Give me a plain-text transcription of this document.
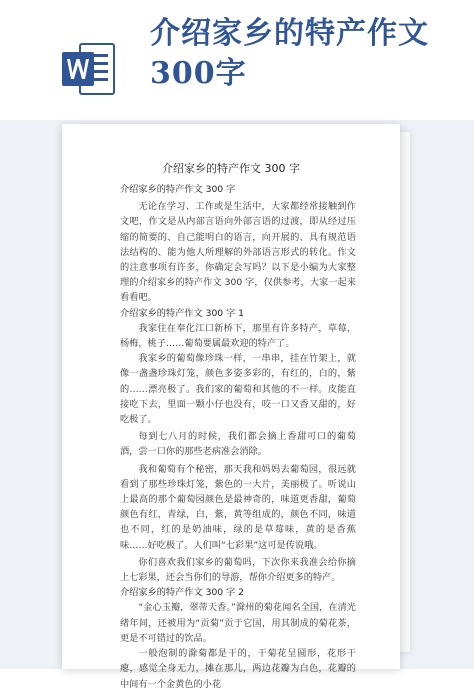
介绍家乡的特产作文300字
介绍家乡的特产作文 300 字

介绍家乡的特产作文 300 字

无论在学习、工作或是生活中，大家都经常接触到作文吧，作文是从内部言语向外部言语的过渡，即从经过压缩的简要的、自己能明白的语言，向开展的、具有规范语法结构的、能为他人所理解的外部语言形式的转化。作文的注意事项有许多，你确定会写吗？以下是小编为大家整理的介绍家乡的特产作文 300 字，仅供参考，大家一起来看看吧。

介绍家乡的特产作文 300 字 1

我家住在奉化江口新桥下，那里有许多特产，草莓，杨梅，桃子……葡萄要属最欢迎的特产了。

我家乡的葡萄像珍珠一样，一串串，挂在竹架上，就像一盏盏珍珠灯笼，颜色多姿多彩的，有红的，白的，紫的……漂亮极了。我们家的葡萄和其他的不一样。皮能直接吃下去，里面一颗小仔也没有，咬一口又香又甜的，好吃极了。

每到七八月的时候，我们都会摘上香甜可口的葡萄酒，尝一口你的那些老病准会消除。

我和葡萄有个秘密，那天我和妈妈去葡萄园，很远就看到了那些珍珠灯笼，紫色的一大片，美丽极了。听说山上最高的那个葡萄园颜色是最神奇的，味道更香甜，葡萄颜色有红，青绿，白，紫，黄等组成的，颜色不同，味道也不同，红的是奶油味，绿的是草莓味，黄的是香蕉味……好吃极了。人们叫“七彩果”这可是传说哦。

你们喜欢我们家乡的葡萄吗，下次你来我准会给你摘上七彩果，还会当你们的导游，帮你介绍更多的特产。

介绍家乡的特产作文 300 字 2

“金心玉瓣，翠蒂天香。”滁州的菊花闻名全国，在清光绪年间，还被用为“贡菊”贡于它国，用其制成的菊花茶，更是不可错过的饮品。

一般泡制的滁菊都是干的，干菊花呈圆形，花形干瘪，感觉全身无力，摊在那儿，两边花瓣为白色，花瓣的中间有一个金黄色的小花
